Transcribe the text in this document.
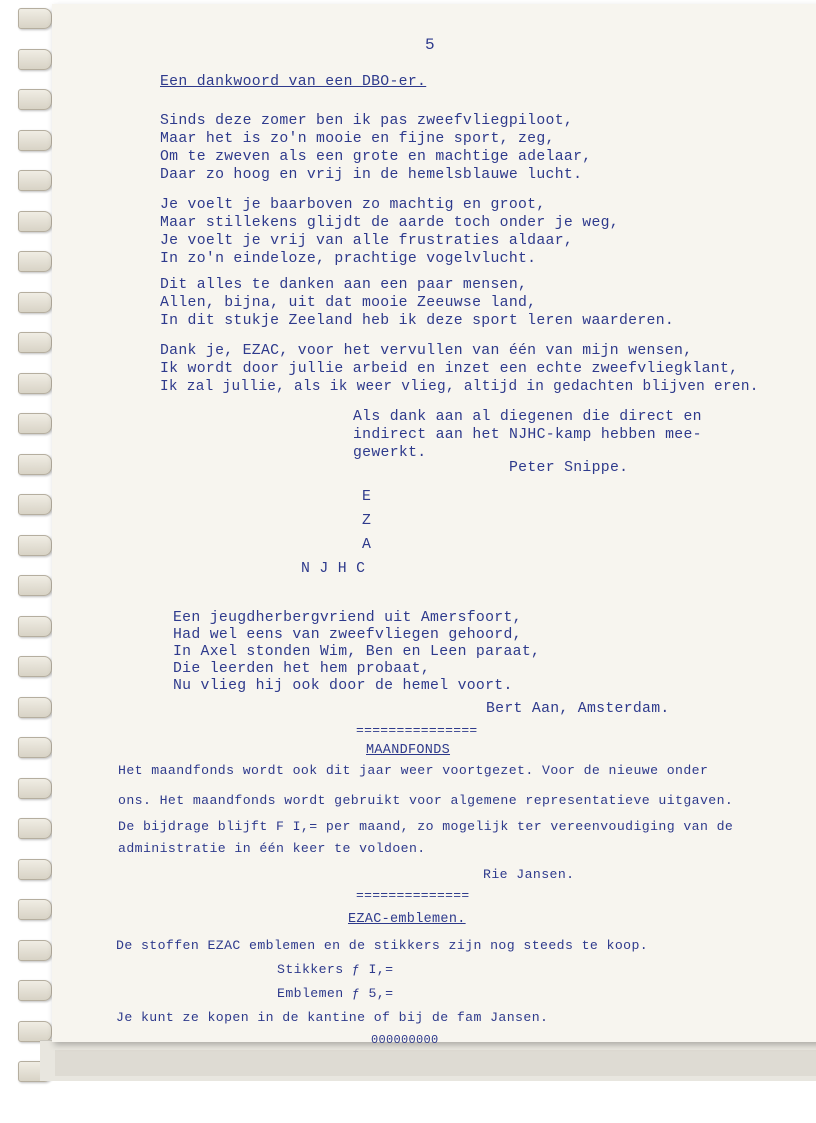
5

Een dankwoord van een DBO-er.

Sinds deze zomer ben ik pas zweefvliegpiloot,

Maar het is zo'n mooie en fijne sport, zeg,

Om te zweven als een grote en machtige adelaar,

Daar zo hoog en vrij in de hemelsblauwe lucht.

Je voelt je baarboven zo machtig en groot,

Maar stillekens glijdt de aarde toch onder je weg,

Je voelt je vrij van alle frustraties aldaar,

In zo'n eindeloze, prachtige vogelvlucht.

Dit alles te danken aan een paar mensen,

Allen, bijna, uit dat mooie Zeeuwse land,

In dit stukje Zeeland heb ik deze sport leren waarderen.

Dank je, EZAC, voor het vervullen van één van mijn wensen,

Ik wordt door jullie arbeid en inzet een echte zweefvliegklant,

Ik zal jullie, als ik weer vlieg, altijd in gedachten blijven eren.

Als dank aan al diegenen die direct en

indirect aan het NJHC-kamp hebben mee-

gewerkt.

Peter Snippe.

E

Z

A

N J H C

Een jeugdherbergvriend uit Amersfoort,

Had wel eens van zweefvliegen gehoord,

In Axel stonden Wim, Ben en Leen paraat,

Die leerden het hem probaat,

Nu vlieg hij ook door de hemel voort.

Bert Aan, Amsterdam.

===============

MAANDFONDS

Het maandfonds wordt ook dit jaar weer voortgezet. Voor de nieuwe onder

ons. Het maandfonds wordt gebruikt voor algemene representatieve uitgaven.

De bijdrage blijft F I,= per maand, zo mogelijk ter vereenvoudiging van de

administratie in één keer te voldoen.

Rie Jansen.

==============

EZAC-emblemen.

De stoffen EZAC emblemen en de stikkers zijn nog steeds te koop.

Stikkers ƒ I,=

Emblemen ƒ 5,=

Je kunt ze kopen in de kantine of bij de fam Jansen.

000000000
